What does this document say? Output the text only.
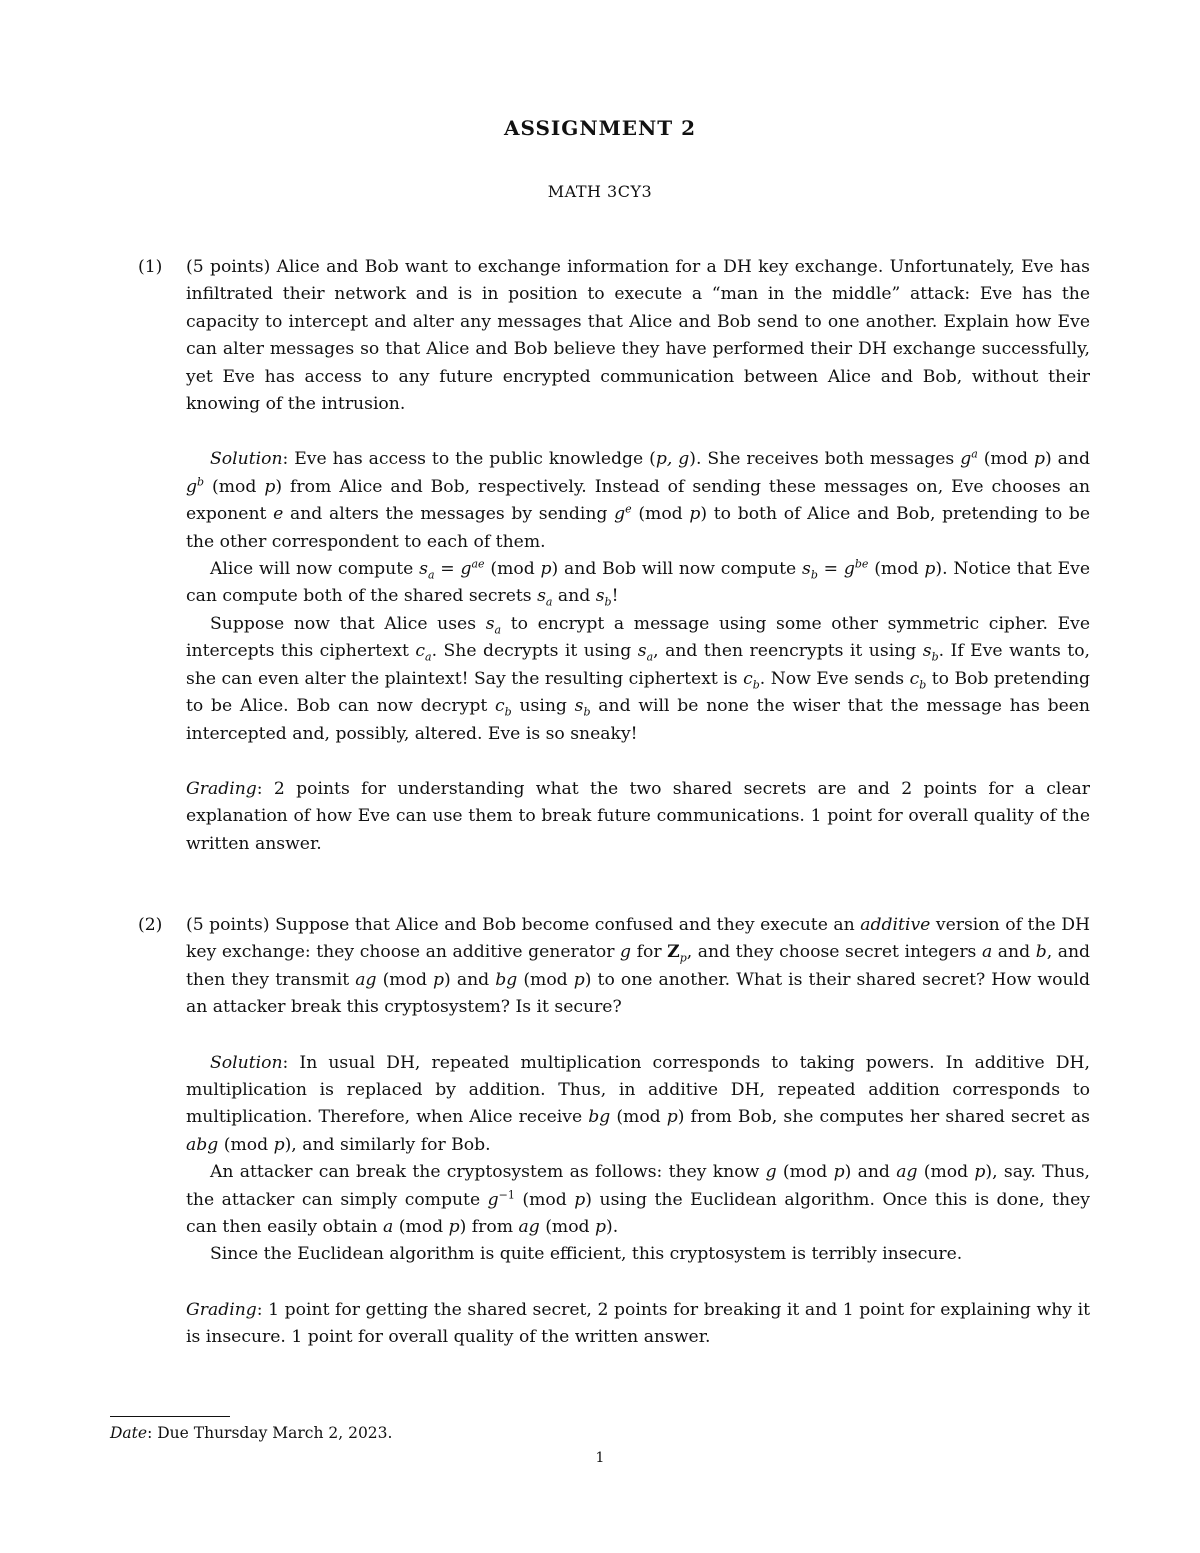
ASSIGNMENT 2
MATH 3CY3
(1) (5 points) Alice and Bob want to exchange information for a DH key exchange. Unfortunately, Eve has infiltrated their network and is in position to execute a “man in the middle” attack: Eve has the capacity to intercept and alter any messages that Alice and Bob send to one another. Explain how Eve can alter messages so that Alice and Bob believe they have performed their DH exchange successfully, yet Eve has access to any future encrypted communication between Alice and Bob, without their knowing of the intrusion.
Solution: Eve has access to the public knowledge (p, g). She receives both messages $g^a$ (mod p) and $g^b$ (mod p) from Alice and Bob, respectively. Instead of sending these messages on, Eve chooses an exponent e and alters the messages by sending $g^e$ (mod p) to both of Alice and Bob, pretending to be the other correspondent to each of them.
Alice will now compute $s_a = g^{ae}$ (mod p) and Bob will now compute $s_b = g^{be}$ (mod p). Notice that Eve can compute both of the shared secrets $s_a$ and $s_b$!
Suppose now that Alice uses $s_a$ to encrypt a message using some other symmetric cipher. Eve intercepts this ciphertext $c_a$. She decrypts it using $s_a$, and then reencrypts it using $s_b$. If Eve wants to, she can even alter the plaintext! Say the resulting ciphertext is $c_b$. Now Eve sends $c_b$ to Bob pretending to be Alice. Bob can now decrypt $c_b$ using $s_b$ and will be none the wiser that the message has been intercepted and, possibly, altered. Eve is so sneaky!
Grading: 2 points for understanding what the two shared secrets are and 2 points for a clear explanation of how Eve can use them to break future communications. 1 point for overall quality of the written answer.
(2) (5 points) Suppose that Alice and Bob become confused and they execute an additive version of the DH key exchange: they choose an additive generator g for $Z_p$, and they choose secret integers a and b, and then they transmit ag (mod p) and bg (mod p) to one another. What is their shared secret? How would an attacker break this cryptosystem? Is it secure?
Solution: In usual DH, repeated multiplication corresponds to taking powers. In additive DH, multiplication is replaced by addition. Thus, in additive DH, repeated addition corresponds to multiplication. Therefore, when Alice receive bg (mod p) from Bob, she computes her shared secret as abg (mod p), and similarly for Bob.
An attacker can break the cryptosystem as follows: they know g (mod p) and ag (mod p), say. Thus, the attacker can simply compute $g^{-1}$ (mod p) using the Euclidean algorithm. Once this is done, they can then easily obtain a (mod p) from ag (mod p).
Since the Euclidean algorithm is quite efficient, this cryptosystem is terribly insecure.
Grading: 1 point for getting the shared secret, 2 points for breaking it and 1 point for explaining why it is insecure. 1 point for overall quality of the written answer.
Date: Due Thursday March 2, 2023.
1
